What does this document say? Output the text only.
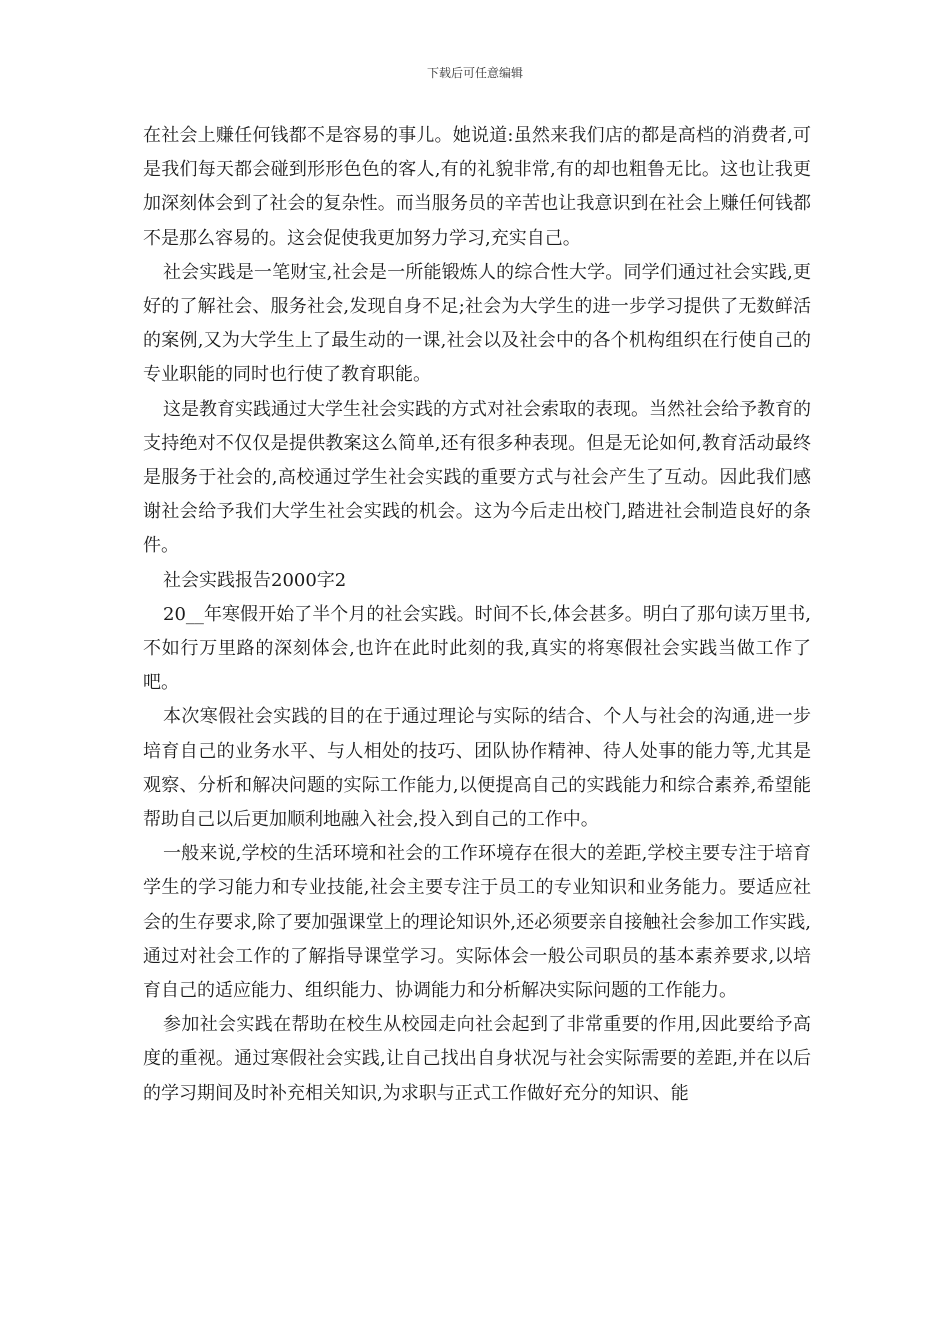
下载后可任意编辑

在社会上赚任何钱都不是容易的事儿。她说道:虽然来我们店的都是高档的消费者,可是我们每天都会碰到形形色色的客人,有的礼貌非常,有的却也粗鲁无比。这也让我更加深刻体会到了社会的复杂性。而当服务员的辛苦也让我意识到在社会上赚任何钱都不是那么容易的。这会促使我更加努力学习,充实自己。

社会实践是一笔财宝,社会是一所能锻炼人的综合性大学。同学们通过社会实践,更好的了解社会、服务社会,发现自身不足;社会为大学生的进一步学习提供了无数鲜活的案例,又为大学生上了最生动的一课,社会以及社会中的各个机构组织在行使自己的专业职能的同时也行使了教育职能。

这是教育实践通过大学生社会实践的方式对社会索取的表现。当然社会给予教育的支持绝对不仅仅是提供教案这么简单,还有很多种表现。但是无论如何,教育活动最终是服务于社会的,高校通过学生社会实践的重要方式与社会产生了互动。因此我们感谢社会给予我们大学生社会实践的机会。这为今后走出校门,踏进社会制造良好的条件。

社会实践报告2000字2

20__年寒假开始了半个月的社会实践。时间不长,体会甚多。明白了那句读万里书,不如行万里路的深刻体会,也许在此时此刻的我,真实的将寒假社会实践当做工作了吧。

本次寒假社会实践的目的在于通过理论与实际的结合、个人与社会的沟通,进一步培育自己的业务水平、与人相处的技巧、团队协作精神、待人处事的能力等,尤其是观察、分析和解决问题的实际工作能力,以便提高自己的实践能力和综合素养,希望能帮助自己以后更加顺利地融入社会,投入到自己的工作中。

一般来说,学校的生活环境和社会的工作环境存在很大的差距,学校主要专注于培育学生的学习能力和专业技能,社会主要专注于员工的专业知识和业务能力。要适应社会的生存要求,除了要加强课堂上的理论知识外,还必须要亲自接触社会参加工作实践,通过对社会工作的了解指导课堂学习。实际体会一般公司职员的基本素养要求,以培育自己的适应能力、组织能力、协调能力和分析解决实际问题的工作能力。

参加社会实践在帮助在校生从校园走向社会起到了非常重要的作用,因此要给予高度的重视。通过寒假社会实践,让自己找出自身状况与社会实际需要的差距,并在以后的学习期间及时补充相关知识,为求职与正式工作做好充分的知识、能
